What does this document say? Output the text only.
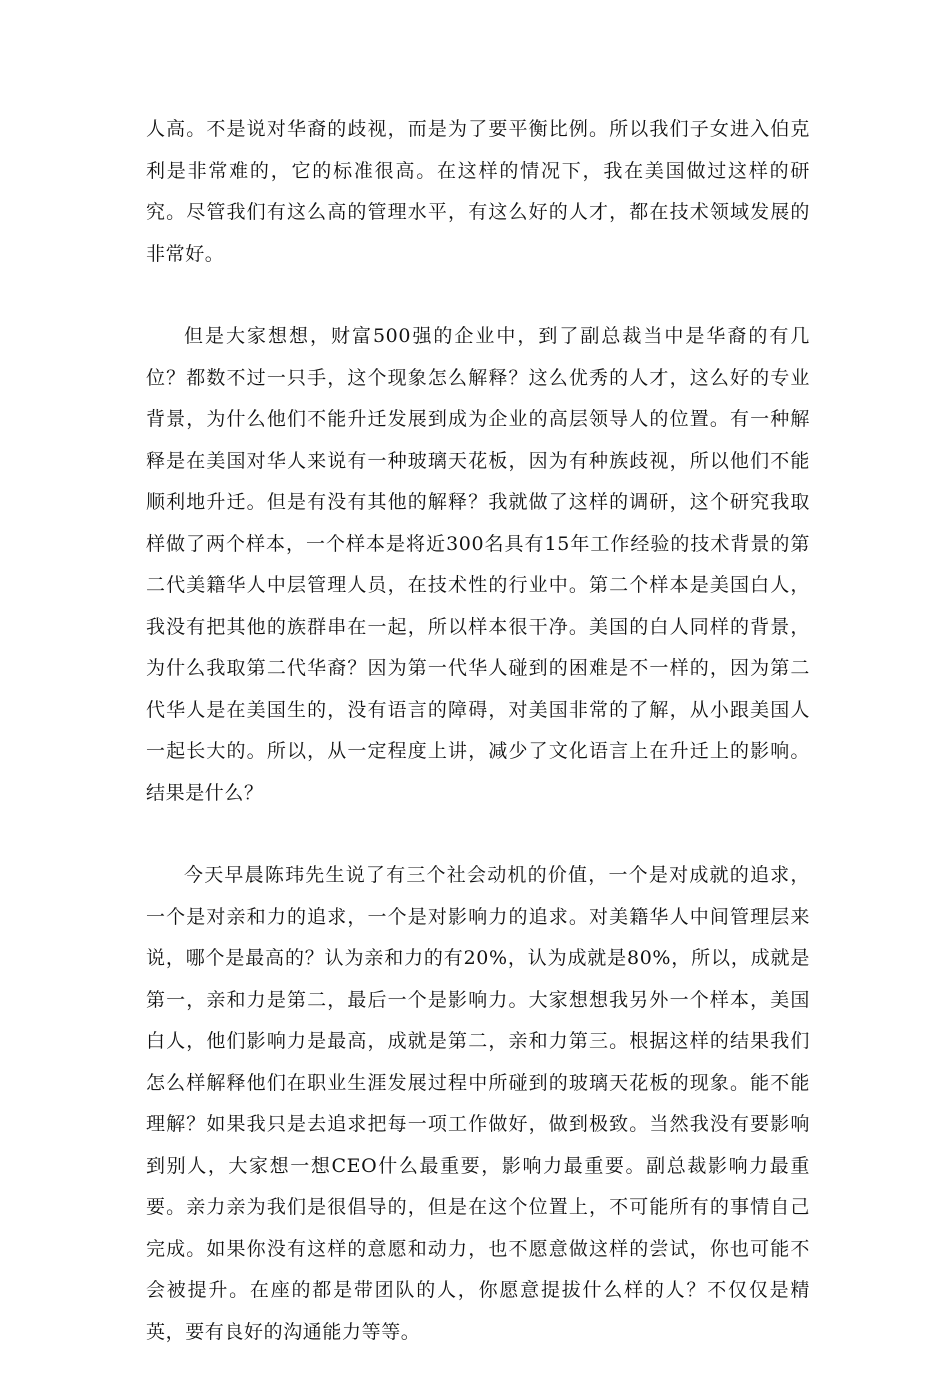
人高。不是说对华裔的歧视，而是为了要平衡比例。所以我们子女进入伯克利是非常难的，它的标准很高。在这样的情况下，我在美国做过这样的研究。尽管我们有这么高的管理水平，有这么好的人才，都在技术领域发展的非常好。

但是大家想想，财富500强的企业中，到了副总裁当中是华裔的有几位？都数不过一只手，这个现象怎么解释？这么优秀的人才，这么好的专业背景，为什么他们不能升迁发展到成为企业的高层领导人的位置。有一种解释是在美国对华人来说有一种玻璃天花板，因为有种族歧视，所以他们不能顺利地升迁。但是有没有其他的解释？我就做了这样的调研，这个研究我取样做了两个样本，一个样本是将近300名具有15年工作经验的技术背景的第二代美籍华人中层管理人员，在技术性的行业中。第二个样本是美国白人，我没有把其他的族群串在一起，所以样本很干净。美国的白人同样的背景，为什么我取第二代华裔？因为第一代华人碰到的困难是不一样的，因为第二代华人是在美国生的，没有语言的障碍，对美国非常的了解，从小跟美国人一起长大的。所以，从一定程度上讲，减少了文化语言上在升迁上的影响。结果是什么？

今天早晨陈玮先生说了有三个社会动机的价值，一个是对成就的追求，一个是对亲和力的追求，一个是对影响力的追求。对美籍华人中间管理层来说，哪个是最高的？认为亲和力的有20%，认为成就是80%，所以，成就是第一，亲和力是第二，最后一个是影响力。大家想想我另外一个样本，美国白人，他们影响力是最高，成就是第二，亲和力第三。根据这样的结果我们怎么样解释他们在职业生涯发展过程中所碰到的玻璃天花板的现象。能不能理解？如果我只是去追求把每一项工作做好，做到极致。当然我没有要影响到别人，大家想一想CEO什么最重要，影响力最重要。副总裁影响力最重要。亲力亲为我们是很倡导的，但是在这个位置上，不可能所有的事情自己完成。如果你没有这样的意愿和动力，也不愿意做这样的尝试，你也可能不会被提升。在座的都是带团队的人，你愿意提拔什么样的人？不仅仅是精英，要有良好的沟通能力等等。
